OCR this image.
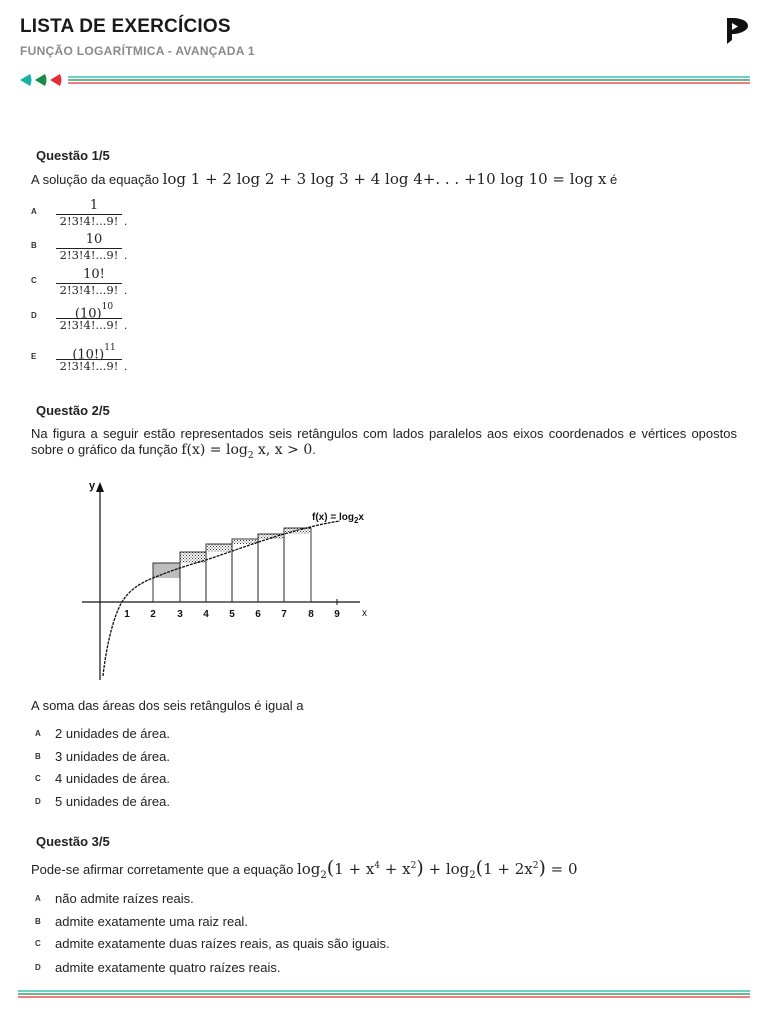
LISTA DE EXERCÍCIOS
FUNÇÃO LOGARÍTMICA - AVANÇADA 1
Questão 1/5
A solução da equação log 1 + 2 log 2 + 3 log 3 + 4 log 4+. . . +10 log 10 = log x é
A	1
2!3!4!...9! .
B	10
2!3!4!...9! .
C	10!
2!3!4!...9! .
D	$(10)^{10}$
2!3!4!...9! .
E	$(10!)^{11}$
2!3!4!...9! .
Questão 2/5
Na figura a seguir estão representados seis retângulos com lados paralelos aos eixos coordenados e vértices opostos sobre o gráfico da função $f(x) = \log_2 x$, x > 0.
y
x
$f(x) = \log_2x$
1 2 3 4 5 6 7 8 9
A soma das áreas dos seis retângulos é igual a
A	2 unidades de área.
B	3 unidades de área.
C	4 unidades de área.
D	5 unidades de área.
Questão 3/5
Pode-se afirmar corretamente que a equação $\log_2(1 + x^4 + x^2) + \log_2(1 + 2x^2) = 0$
A	não admite raízes reais.
B	admite exatamente uma raiz real.
C	admite exatamente duas raízes reais, as quais são iguais.
D	admite exatamente quatro raízes reais.
